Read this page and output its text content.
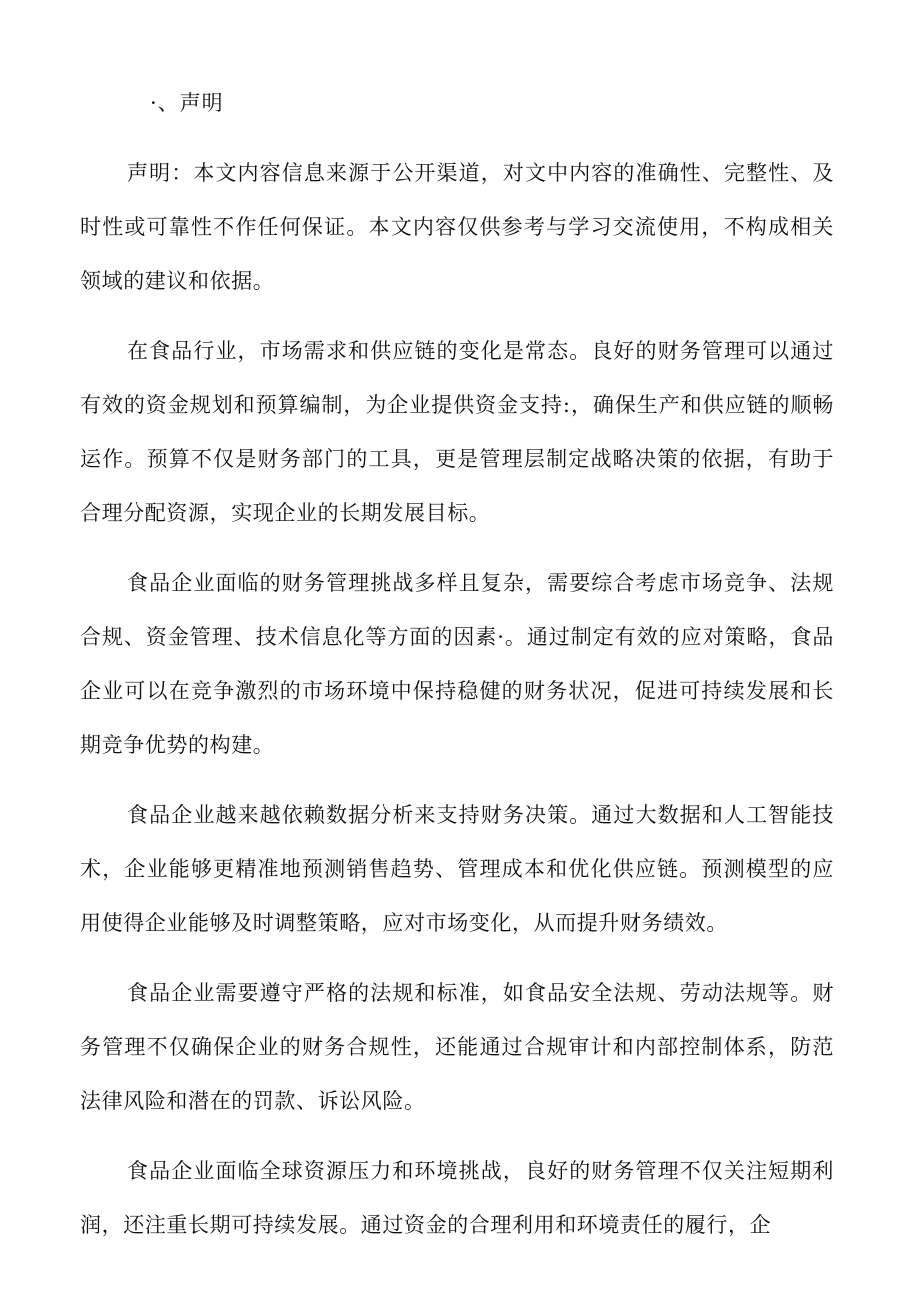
·、声明

声明：本文内容信息来源于公开渠道，对文中内容的准确性、完整性、及时性或可靠性不作任何保证。本文内容仅供参考与学习交流使用，不构成相关领域的建议和依据。

在食品行业，市场需求和供应链的变化是常态。良好的财务管理可以通过有效的资金规划和预算编制，为企业提供资金支持:，确保生产和供应链的顺畅运作。预算不仅是财务部门的工具，更是管理层制定战略决策的依据，有助于合理分配资源，实现企业的长期发展目标。

食品企业面临的财务管理挑战多样且复杂，需要综合考虑市场竞争、法规合规、资金管理、技术信息化等方面的因素·。通过制定有效的应对策略，食品企业可以在竞争激烈的市场环境中保持稳健的财务状况，促进可持续发展和长期竞争优势的构建。

食品企业越来越依赖数据分析来支持财务决策。通过大数据和人工智能技术，企业能够更精准地预测销售趋势、管理成本和优化供应链。预测模型的应用使得企业能够及时调整策略，应对市场变化，从而提升财务绩效。

食品企业需要遵守严格的法规和标准，如食品安全法规、劳动法规等。财务管理不仅确保企业的财务合规性，还能通过合规审计和内部控制体系，防范法律风险和潜在的罚款、诉讼风险。

食品企业面临全球资源压力和环境挑战，良好的财务管理不仅关注短期利润，还注重长期可持续发展。通过资金的合理利用和环境责任的履行，企
